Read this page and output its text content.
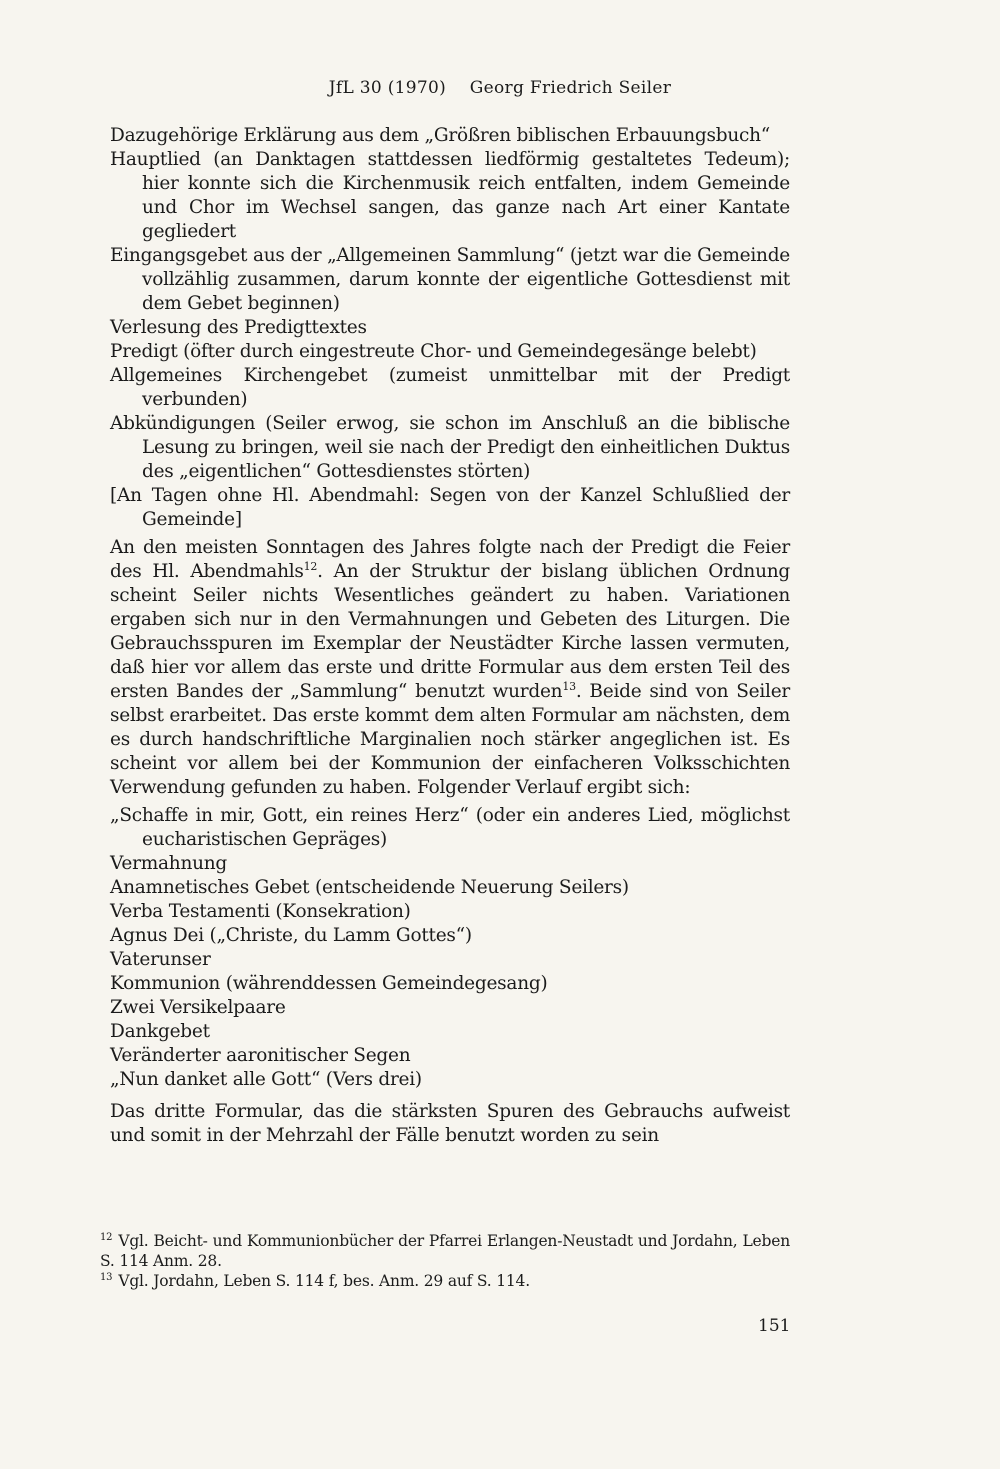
JfL 30 (1970) Georg Friedrich Seiler
Dazugehörige Erklärung aus dem „Größren biblischen Erbauungsbuch“
Hauptlied (an Danktagen stattdessen liedförmig gestaltetes Tedeum); hier konnte sich die Kirchenmusik reich entfalten, indem Gemeinde und Chor im Wechsel sangen, das ganze nach Art einer Kantate gegliedert
Eingangsgebet aus der „Allgemeinen Sammlung“ (jetzt war die Gemeinde vollzählig zusammen, darum konnte der eigentliche Gottesdienst mit dem Gebet beginnen)
Verlesung des Predigttextes
Predigt (öfter durch eingestreute Chor- und Gemeindegesänge belebt)
Allgemeines Kirchengebet (zumeist unmittelbar mit der Predigt verbunden)
Abkündigungen (Seiler erwog, sie schon im Anschluß an die biblische Lesung zu bringen, weil sie nach der Predigt den einheitlichen Duktus des „eigentlichen“ Gottesdienstes störten)
[An Tagen ohne Hl. Abendmahl: Segen von der Kanzel Schlußlied der Gemeinde]

An den meisten Sonntagen des Jahres folgte nach der Predigt die Feier des Hl. Abendmahls$^{12}$. An der Struktur der bislang üblichen Ordnung scheint Seiler nichts Wesentliches geändert zu haben. Variationen ergaben sich nur in den Vermahnungen und Gebeten des Liturgen. Die Gebrauchsspuren im Exemplar der Neustädter Kirche lassen vermuten, daß hier vor allem das erste und dritte Formular aus dem ersten Teil des ersten Bandes der „Sammlung“ benutzt wurden$^{13}$. Beide sind von Seiler selbst erarbeitet. Das erste kommt dem alten Formular am nächsten, dem es durch handschriftliche Marginalien noch stärker angeglichen ist. Es scheint vor allem bei der Kommunion der einfacheren Volksschichten Verwendung gefunden zu haben. Folgender Verlauf ergibt sich:

„Schaffe in mir, Gott, ein reines Herz“ (oder ein anderes Lied, möglichst eucharistischen Gepräges)
Vermahnung
Anamnetisches Gebet (entscheidende Neuerung Seilers)
Verba Testamenti (Konsekration)
Agnus Dei („Christe, du Lamm Gottes“)
Vaterunser
Kommunion (währenddessen Gemeindegesang)
Zwei Versikelpaare
Dankgebet
Veränderter aaronitischer Segen
„Nun danket alle Gott“ (Vers drei)

Das dritte Formular, das die stärksten Spuren des Gebrauchs aufweist und somit in der Mehrzahl der Fälle benutzt worden zu sein

$^{12}$ Vgl. Beicht- und Kommunionbücher der Pfarrei Erlangen-Neustadt und Jordahn, Leben S. 114 Anm. 28.

$^{13}$ Vgl. Jordahn, Leben S. 114 f, bes. Anm. 29 auf S. 114.

151
